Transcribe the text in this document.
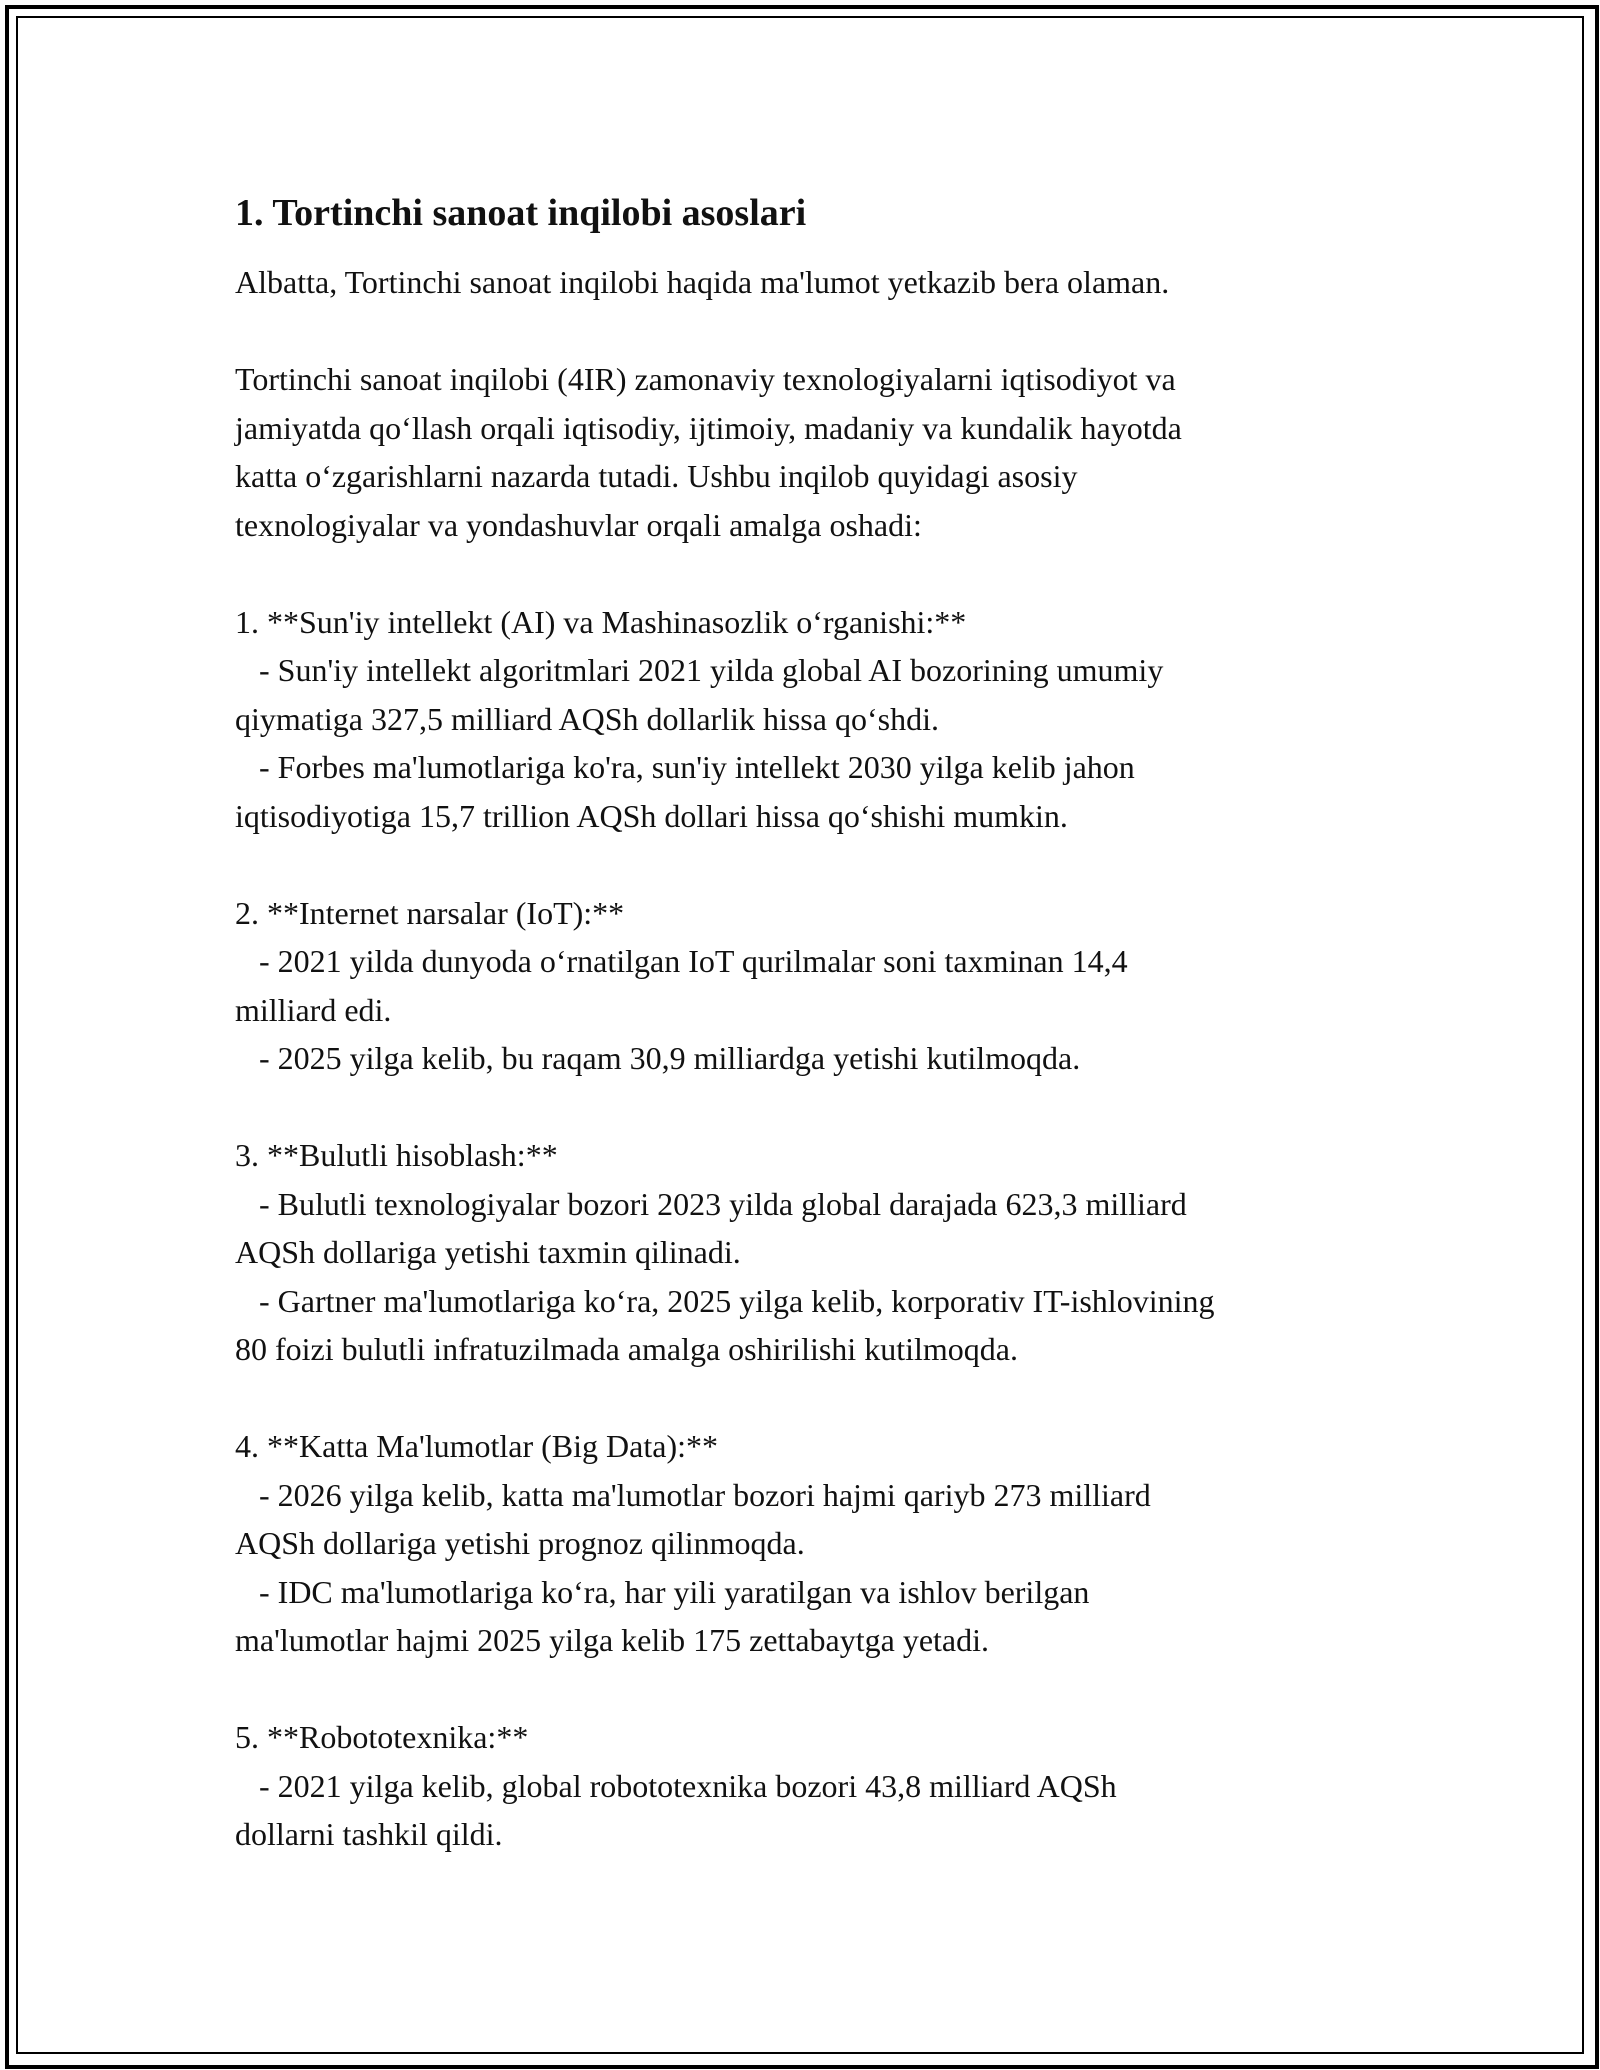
1. Tortinchi sanoat inqilobi asoslari

Albatta, Tortinchi sanoat inqilobi haqida ma'lumot yetkazib bera olaman.

Tortinchi sanoat inqilobi (4IR) zamonaviy texnologiyalarni iqtisodiyot va

jamiyatda qo‘llash orqali iqtisodiy, ijtimoiy, madaniy va kundalik hayotda

katta o‘zgarishlarni nazarda tutadi. Ushbu inqilob quyidagi asosiy

texnologiyalar va yondashuvlar orqali amalga oshadi:

1. **Sun'iy intellekt (AI) va Mashinasozlik o‘rganishi:**

- Sun'iy intellekt algoritmlari 2021 yilda global AI bozorining umumiy

qiymatiga 327,5 milliard AQSh dollarlik hissa qo‘shdi.

- Forbes ma'lumotlariga ko'ra, sun'iy intellekt 2030 yilga kelib jahon

iqtisodiyotiga 15,7 trillion AQSh dollari hissa qo‘shishi mumkin.

2. **Internet narsalar (IoT):**

- 2021 yilda dunyoda o‘rnatilgan IoT qurilmalar soni taxminan 14,4

milliard edi.

- 2025 yilga kelib, bu raqam 30,9 milliardga yetishi kutilmoqda.

3. **Bulutli hisoblash:**

- Bulutli texnologiyalar bozori 2023 yilda global darajada 623,3 milliard

AQSh dollariga yetishi taxmin qilinadi.

- Gartner ma'lumotlariga ko‘ra, 2025 yilga kelib, korporativ IT-ishlovining

80 foizi bulutli infratuzilmada amalga oshirilishi kutilmoqda.

4. **Katta Ma'lumotlar (Big Data):**

- 2026 yilga kelib, katta ma'lumotlar bozori hajmi qariyb 273 milliard

AQSh dollariga yetishi prognoz qilinmoqda.

- IDC ma'lumotlariga ko‘ra, har yili yaratilgan va ishlov berilgan

ma'lumotlar hajmi 2025 yilga kelib 175 zettabaytga yetadi.

5. **Robototexnika:**

- 2021 yilga kelib, global robototexnika bozori 43,8 milliard AQSh

dollarni tashkil qildi.
